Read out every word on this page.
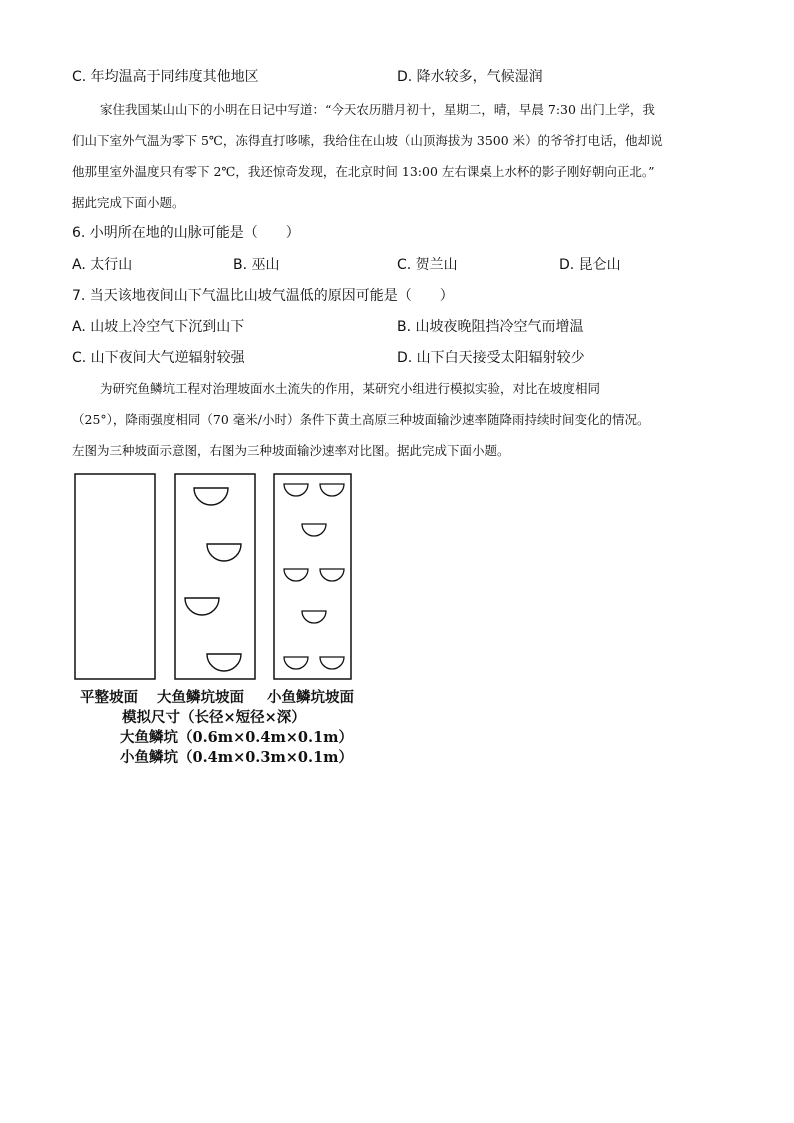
C. 年均温高于同纬度其他地区	D. 降水较多，气候湿润
家住我国某山山下的小明在日记中写道：“今天农历腊月初十，星期二，晴，早晨 7:30 出门上学，我
们山下室外气温为零下 5℃，冻得直打哆嗦，我给住在山坡（山顶海拔为 3500 米）的爷爷打电话，他却说
他那里室外温度只有零下 2℃，我还惊奇发现，在北京时间 13:00 左右课桌上水杯的影子刚好朝向正北。”
据此完成下面小题。
6. 小明所在地的山脉可能是（　　）
A. 太行山	B. 巫山	C. 贺兰山	D. 昆仑山
7. 当天该地夜间山下气温比山坡气温低的原因可能是（　　）
A. 山坡上冷空气下沉到山下	B. 山坡夜晚阻挡冷空气而增温
C. 山下夜间大气逆辐射较强	D. 山下白天接受太阳辐射较少
为研究鱼鳞坑工程对治理坡面水土流失的作用，某研究小组进行模拟实验，对比在坡度相同
（25°），降雨强度相同（70 毫米/小时）条件下黄土高原三种坡面输沙速率随降雨持续时间变化的情况。
左图为三种坡面示意图，右图为三种坡面输沙速率对比图。据此完成下面小题。
平整坡面 大鱼鳞坑坡面 小鱼鳞坑坡面
模拟尺寸（长径×短径×深）
大鱼鳞坑（0.6m×0.4m×0.1m）
小鱼鳞坑（0.4m×0.3m×0.1m）
